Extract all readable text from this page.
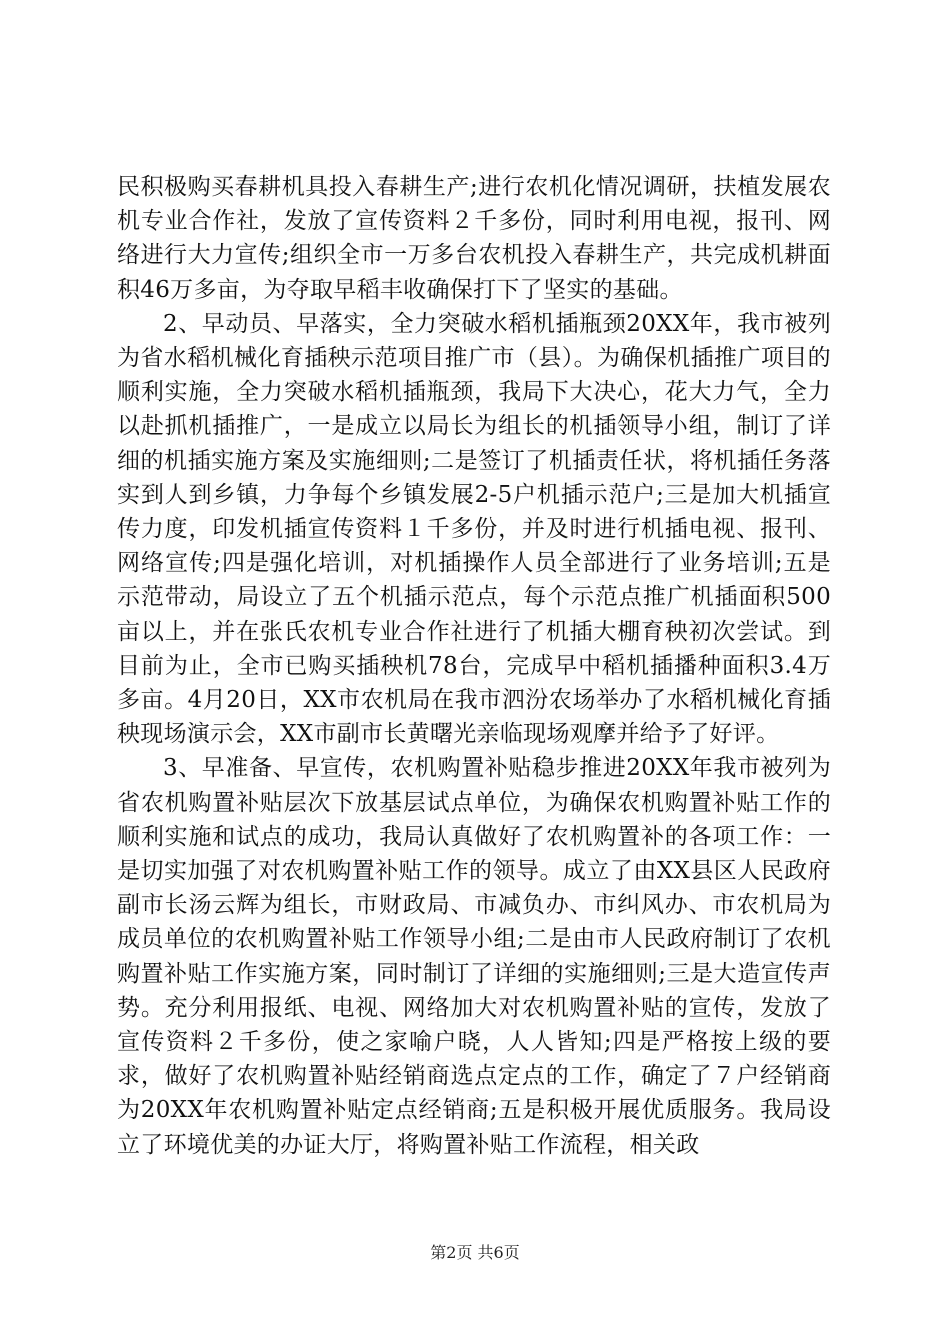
民积极购买春耕机具投入春耕生产;进行农机化情况调研，扶植发展农机专业合作社，发放了宣传资料２千多份，同时利用电视，报刊、网络进行大力宣传;组织全市一万多台农机投入春耕生产，共完成机耕面积46万多亩，为夺取早稻丰收确保打下了坚实的基础。

2、早动员、早落实，全力突破水稻机插瓶颈20XX年，我市被列为省水稻机械化育插秧示范项目推广市（县）。为确保机插推广项目的顺利实施，全力突破水稻机插瓶颈，我局下大决心，花大力气，全力以赴抓机插推广，一是成立以局长为组长的机插领导小组，制订了详细的机插实施方案及实施细则;二是签订了机插责任状，将机插任务落实到人到乡镇，力争每个乡镇发展2-5户机插示范户;三是加大机插宣传力度，印发机插宣传资料１千多份，并及时进行机插电视、报刊、网络宣传;四是强化培训，对机插操作人员全部进行了业务培训;五是示范带动，局设立了五个机插示范点，每个示范点推广机插面积500亩以上，并在张氏农机专业合作社进行了机插大棚育秧初次尝试。到目前为止，全市已购买插秧机78台，完成早中稻机插播种面积3.4万多亩。4月20日，XX市农机局在我市泗汾农场举办了水稻机械化育插秧现场演示会，XX市副市长黄曙光亲临现场观摩并给予了好评。

3、早准备、早宣传，农机购置补贴稳步推进20XX年我市被列为省农机购置补贴层次下放基层试点单位，为确保农机购置补贴工作的顺利实施和试点的成功，我局认真做好了农机购置补的各项工作：一是切实加强了对农机购置补贴工作的领导。成立了由XX县区人民政府副市长汤云辉为组长，市财政局、市减负办、市纠风办、市农机局为成员单位的农机购置补贴工作领导小组;二是由市人民政府制订了农机购置补贴工作实施方案，同时制订了详细的实施细则;三是大造宣传声势。充分利用报纸、电视、网络加大对农机购置补贴的宣传，发放了宣传资料２千多份，使之家喻户晓，人人皆知;四是严格按上级的要求，做好了农机购置补贴经销商选点定点的工作，确定了７户经销商为20XX年农机购置补贴定点经销商;五是积极开展优质服务。我局设立了环境优美的办证大厅，将购置补贴工作流程，相关政

第2页 共6页
